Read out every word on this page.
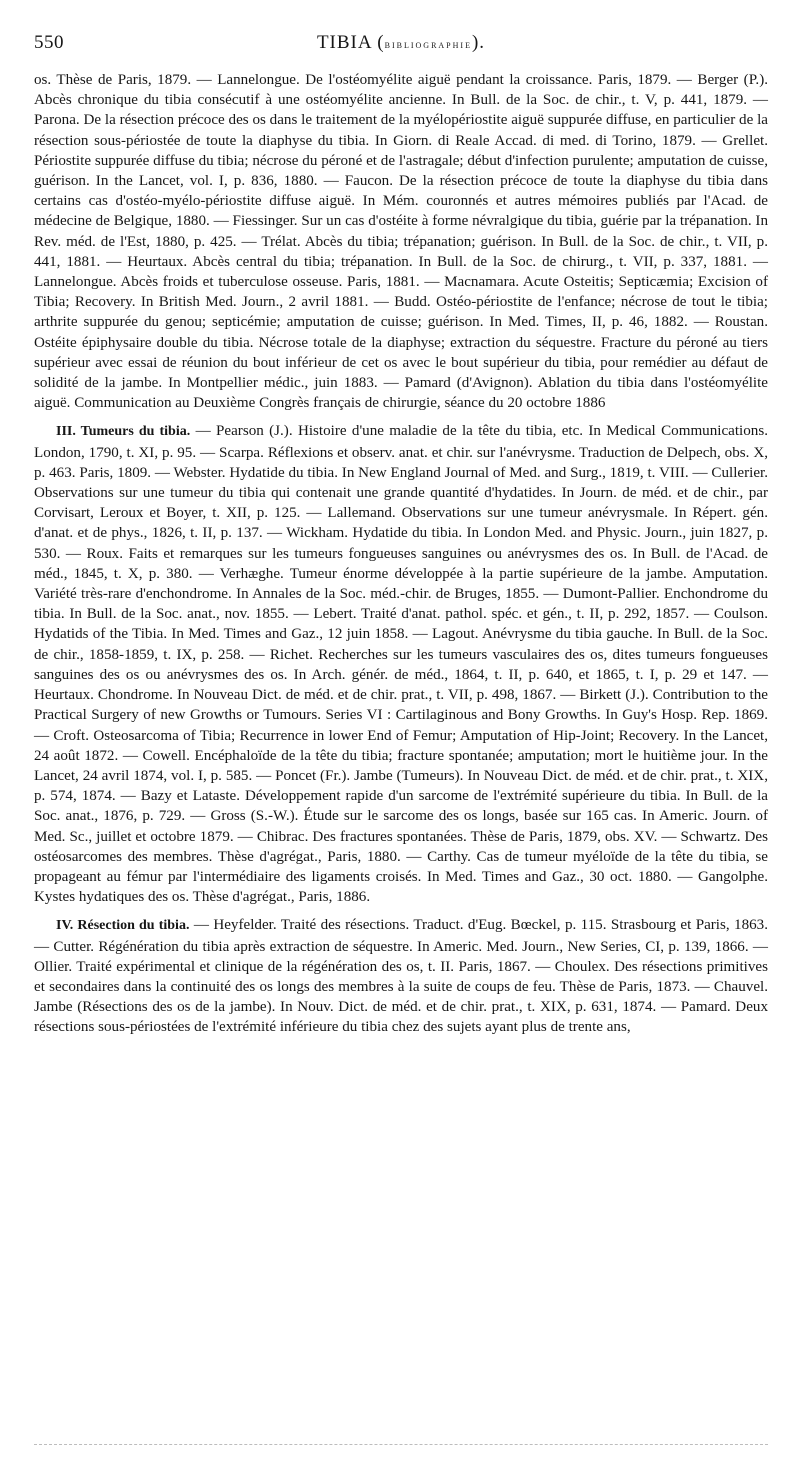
550	TIBIA (bibliographie).

os. Thèse de Paris, 1879. — Lannelongue. De l'ostéomyélite aiguë pendant la croissance. Paris, 1879. — Berger (P.). Abcès chronique du tibia consécutif à une ostéomyélite ancienne. In Bull. de la Soc. de chir., t. V, p. 441, 1879. — Parona. De la résection précoce des os dans le traitement de la myélopériostite aiguë suppurée diffuse, en particulier de la résection sous-périostée de toute la diaphyse du tibia. In Giorn. di Reale Accad. di med. di Torino, 1879. — Grellet. Périostite suppurée diffuse du tibia; nécrose du péroné et de l'astragale; début d'infection purulente; amputation de cuisse, guérison. In the Lancet, vol. I, p. 836, 1880. — Faucon. De la résection précoce de toute la diaphyse du tibia dans certains cas d'ostéo-myélo-périostite diffuse aiguë. In Mém. couronnés et autres mémoires publiés par l'Acad. de médecine de Belgique, 1880. — Fiessinger. Sur un cas d'ostéite à forme névralgique du tibia, guérie par la trépanation. In Rev. méd. de l'Est, 1880, p. 425. — Trélat. Abcès du tibia; trépanation; guérison. In Bull. de la Soc. de chir., t. VII, p. 441, 1881. — Heurtaux. Abcès central du tibia; trépanation. In Bull. de la Soc. de chirurg., t. VII, p. 337, 1881. — Lannelongue. Abcès froids et tuberculose osseuse. Paris, 1881. — Macnamara. Acute Osteitis; Septicæmia; Excision of Tibia; Recovery. In British Med. Journ., 2 avril 1881. — Budd. Ostéo-périostite de l'enfance; nécrose de tout le tibia; arthrite suppurée du genou; septicémie; amputation de cuisse; guérison. In Med. Times, II, p. 46, 1882. — Roustan. Ostéite épiphysaire double du tibia. Nécrose totale de la diaphyse; extraction du séquestre. Fracture du péroné au tiers supérieur avec essai de réunion du bout inférieur de cet os avec le bout supérieur du tibia, pour remédier au défaut de solidité de la jambe. In Montpellier médic., juin 1883. — Pamard (d'Avignon). Ablation du tibia dans l'ostéomyélite aiguë. Communication au Deuxième Congrès français de chirurgie, séance du 20 octobre 1886

III. Tumeurs du tibia. — Pearson (J.). Histoire d'une maladie de la tête du tibia, etc. In Medical Communications. London, 1790, t. XI, p. 95. — Scarpa. Réflexions et observ. anat. et chir. sur l'anévrysme. Traduction de Delpech, obs. X, p. 463. Paris, 1809. — Webster. Hydatide du tibia. In New England Journal of Med. and Surg., 1819, t. VIII. — Cullerier. Observations sur une tumeur du tibia qui contenait une grande quantité d'hydatides. In Journ. de méd. et de chir., par Corvisart, Leroux et Boyer, t. XII, p. 125. — Lallemand. Observations sur une tumeur anévrysmale. In Répert. gén. d'anat. et de phys., 1826, t. II, p. 137. — Wickham. Hydatide du tibia. In London Med. and Physic. Journ., juin 1827, p. 530. — Roux. Faits et remarques sur les tumeurs fongueuses sanguines ou anévrysmes des os. In Bull. de l'Acad. de méd., 1845, t. X, p. 380. — Verhæghe. Tumeur énorme développée à la partie supérieure de la jambe. Amputation. Variété très-rare d'enchondrome. In Annales de la Soc. méd.-chir. de Bruges, 1855. — Dumont-Pallier. Enchondrome du tibia. In Bull. de la Soc. anat., nov. 1855. — Lebert. Traité d'anat. pathol. spéc. et gén., t. II, p. 292, 1857. — Coulson. Hydatids of the Tibia. In Med. Times and Gaz., 12 juin 1858. — Lagout. Anévrysme du tibia gauche. In Bull. de la Soc. de chir., 1858-1859, t. IX, p. 258. — Richet. Recherches sur les tumeurs vasculaires des os, dites tumeurs fongueuses sanguines des os ou anévrysmes des os. In Arch. génér. de méd., 1864, t. II, p. 640, et 1865, t. I, p. 29 et 147. — Heurtaux. Chondrome. In Nouveau Dict. de méd. et de chir. prat., t. VII, p. 498, 1867. — Birkett (J.). Contribution to the Practical Surgery of new Growths or Tumours. Series VI : Cartilaginous and Bony Growths. In Guy's Hosp. Rep. 1869. — Croft. Osteosarcoma of Tibia; Recurrence in lower End of Femur; Amputation of Hip-Joint; Recovery. In the Lancet, 24 août 1872. — Cowell. Encéphaloïde de la tête du tibia; fracture spontanée; amputation; mort le huitième jour. In the Lancet, 24 avril 1874, vol. I, p. 585. — Poncet (Fr.). Jambe (Tumeurs). In Nouveau Dict. de méd. et de chir. prat., t. XIX, p. 574, 1874. — Bazy et Lataste. Développement rapide d'un sarcome de l'extrémité supérieure du tibia. In Bull. de la Soc. anat., 1876, p. 729. — Gross (S.-W.). Étude sur le sarcome des os longs, basée sur 165 cas. In Americ. Journ. of Med. Sc., juillet et octobre 1879. — Chibrac. Des fractures spontanées. Thèse de Paris, 1879, obs. XV. — Schwartz. Des ostéosarcomes des membres. Thèse d'agrégat., Paris, 1880. — Carthy. Cas de tumeur myéloïde de la tête du tibia, se propageant au fémur par l'intermédiaire des ligaments croisés. In Med. Times and Gaz., 30 oct. 1880. — Gangolphe. Kystes hydatiques des os. Thèse d'agrégat., Paris, 1886.

IV. Résection du tibia. — Heyfelder. Traité des résections. Traduct. d'Eug. Bœckel, p. 115. Strasbourg et Paris, 1863. — Cutter. Régénération du tibia après extraction de séquestre. In Americ. Med. Journ., New Series, CI, p. 139, 1866. — Ollier. Traité expérimental et clinique de la régénération des os, t. II. Paris, 1867. — Choulex. Des résections primitives et secondaires dans la continuité des os longs des membres à la suite de coups de feu. Thèse de Paris, 1873. — Chauvel. Jambe (Résections des os de la jambe). In Nouv. Dict. de méd. et de chir. prat., t. XIX, p. 631, 1874. — Pamard. Deux résections sous-périostées de l'extrémité inférieure du tibia chez des sujets ayant plus de trente ans,
